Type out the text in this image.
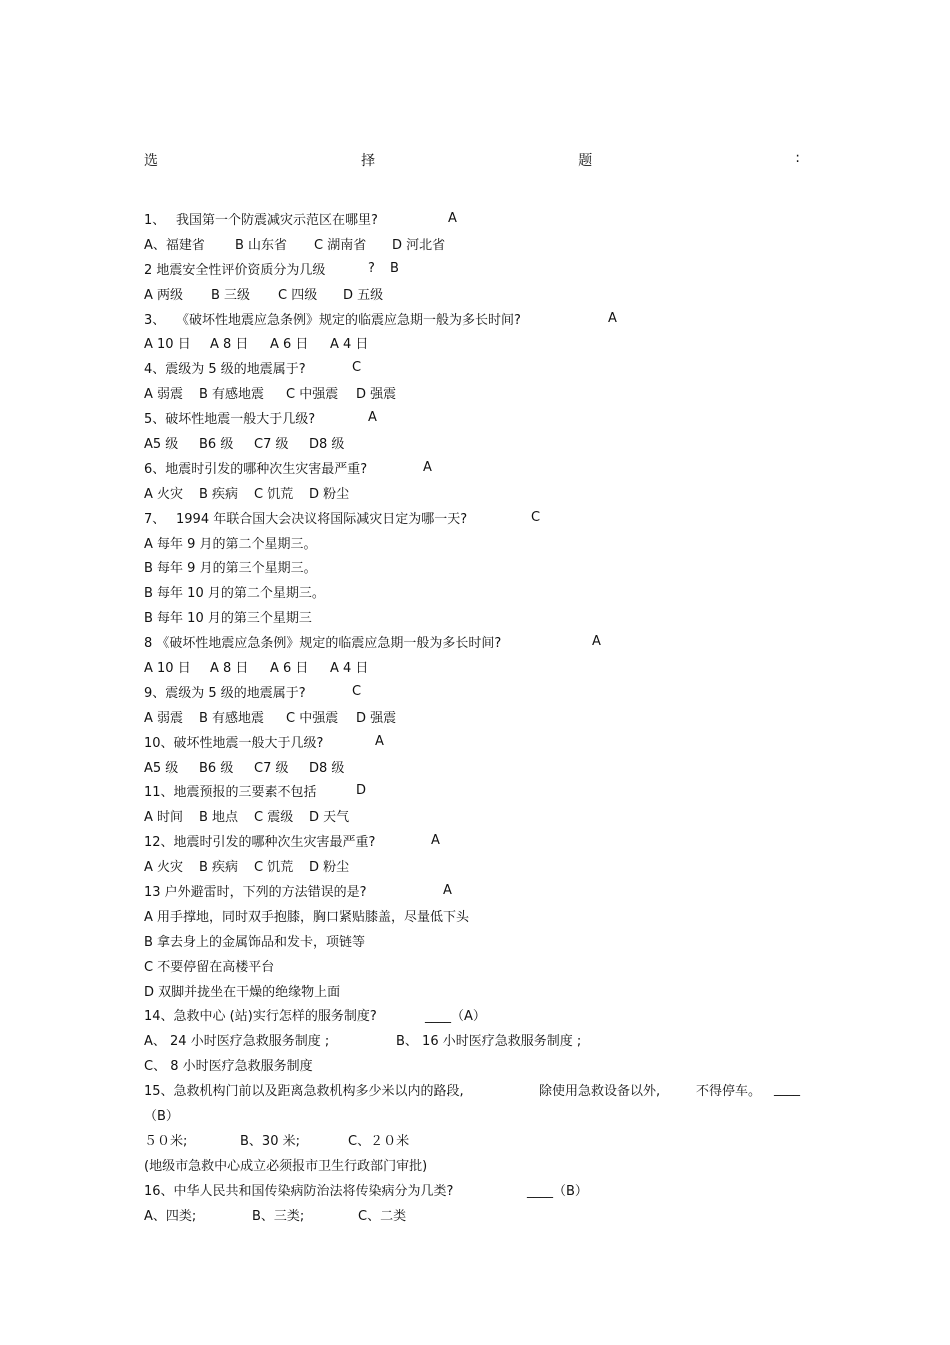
选	择	题	:
1、 我国第一个防震减灾示范区在哪里?	A
A、福建省 B 山东省 C 湖南省 D 河北省
2 地震安全性评价资质分为几级	? B
A 两级 B 三级 C 四级 D 五级
3、 《破坏性地震应急条例》规定的临震应急期一般为多长时间?	A
A 10 日 A 8 日 A 6 日 A 4 日
4、震级为 5 级的地震属于?	C
A 弱震 B 有感地震 C 中强震 D 强震
5、破坏性地震一般大于几级?	A
A5 级 B6 级 C7 级 D8 级
6、地震时引发的哪种次生灾害最严重?	A
A 火灾 B 疾病 C 饥荒 D 粉尘
7、 1994 年联合国大会决议将国际减灾日定为哪一天?	C
A 每年 9 月的第二个星期三。
B 每年 9 月的第三个星期三。
B 每年 10 月的第二个星期三。
B 每年 10 月的第三个星期三
8 《破坏性地震应急条例》规定的临震应急期一般为多长时间?	A
A 10 日 A 8 日 A 6 日 A 4 日
9、震级为 5 级的地震属于?	C
A 弱震 B 有感地震 C 中强震 D 强震
10、破坏性地震一般大于几级?	A
A5 级 B6 级 C7 级 D8 级
11、地震预报的三要素不包括	D
A 时间 B 地点 C 震级 D 天气
12、地震时引发的哪种次生灾害最严重?	A
A 火灾 B 疾病 C 饥荒 D 粉尘
13 户外避雷时，下列的方法错误的是?	A
A 用手撑地，同时双手抱膝，胸口紧贴膝盖，尽量低下头
B 拿去身上的金属饰品和发卡，项链等
C 不要停留在高楼平台
D 双脚并拢坐在干燥的绝缘物上面
14、急救中心 (站)实行怎样的服务制度?	____（A）
A、 24 小时医疗急救服务制度 ;	B、 16 小时医疗急救服务制度 ;
C、 8 小时医疗急救服务制度
15、急救机构门前以及距离急救机构多少米以内的路段,	除使用急救设备以外,	不得停车。 ____
（B）
５０米;	B、30 米;	C、２０米
(地级市急救中心成立必须报市卫生行政部门审批)
16、中华人民共和国传染病防治法将传染病分为几类?	____（B）
A、四类;	B、三类;	C、二类
